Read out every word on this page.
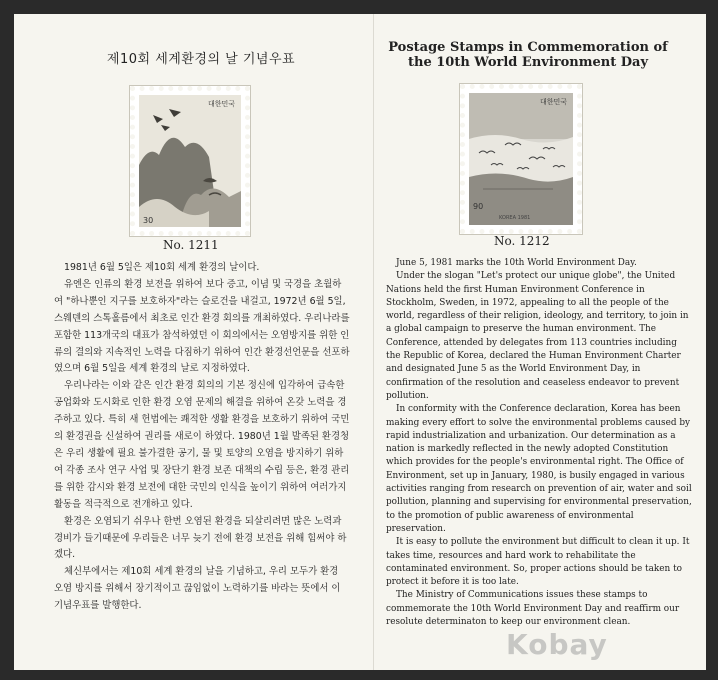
제10회 세계환경의 날 기념우표
Postage Stamps in Commemoration of
the 10th World Environment Day
대한민국
30
No. 1211
대한민국
KOREA 1981
90
No. 1212

1981년 6월 5일은 제10회 세계 환경의 날이다.

유엔은 인류의 환경 보전을 위하여 보다 증고, 이념 및 국경을 초월하여 "하나뿐인 지구를 보호하자"라는 슬로건을 내걸고, 1972년 6월 5일, 스웨덴의 스톡홀름에서 최초로 인간 환경 회의를 개최하였다. 우리나라를 포함한 113개국의 대표가 참석하였던 이 회의에서는 오염방지를 위한 인류의 결의와 지속적인 노력을 다짐하기 위하여 인간 환경선언문을 선포하였으며 6월 5일을 세계 환경의 날로 지정하였다.

우리나라는 이와 같은 인간 환경 회의의 기본 정신에 입각하여 급속한 공업화와 도시화로 인한 환경 오염 문제의 해결을 위하여 온갖 노력을 경주하고 있다. 특히 새 헌법에는 쾌적한 생활 환경을 보호하기 위하여 국민의 환경권을 신설하여 권리를 새로이 하였다. 1980년 1월 발족된 환경청은 우리 생활에 필요 불가결한 공기, 물 및 토양의 오염을 방지하기 위하여 각종 조사 연구 사업 및 장단기 환경 보존 대책의 수립 등은, 환경 관리를 위한 감시와 환경 보전에 대한 국민의 인식을 높이기 위하여 여러가지 활동을 적극적으로 전개하고 있다.

환경은 오염되기 쉬우나 한번 오염된 환경을 되살리려면 많은 노력과 경비가 들기때문에 우리들은 너무 늦기 전에 환경 보전을 위해 힘써야 하겠다.

체신부에서는 제10회 세계 환경의 날을 기념하고, 우리 모두가 환경 오염 방지를 위해서 장기적이고 끊임없이 노력하기를 바라는 뜻에서 이 기념우표를 발행한다.

June 5, 1981 marks the 10th World Environment Day.

Under the slogan "Let's protect our unique globe", the United Nations held the first Human Environment Conference in Stockholm, Sweden, in 1972, appealing to all the people of the world, regardless of their religion, ideology, and territory, to join in a global campaign to preserve the human environment. The Conference, attended by delegates from 113 countries including the Republic of Korea, declared the Human Environment Charter and designated June 5 as the World Environment Day, in confirmation of the resolution and ceaseless endeavor to prevent pollution.

In conformity with the Conference declaration, Korea has been making every effort to solve the environmental problems caused by rapid industrialization and urbanization. Our determination as a nation is markedly reflected in the newly adopted Constitution which provides for the people's environmental right. The Office of Environment, set up in January, 1980, is busily engaged in various activities ranging from research on prevention of air, water and soil pollution, planning and supervising for environmental preservation, to the promotion of public awareness of environmental preservation.

It is easy to pollute the environment but difficult to clean it up. It takes time, resources and hard work to rehabilitate the contaminated environment. So, proper actions should be taken to protect it before it is too late.

The Ministry of Communications issues these stamps to commemorate the 10th World Environment Day and reaffirm our resolute determinaton to keep our environment clean.

Kobay
